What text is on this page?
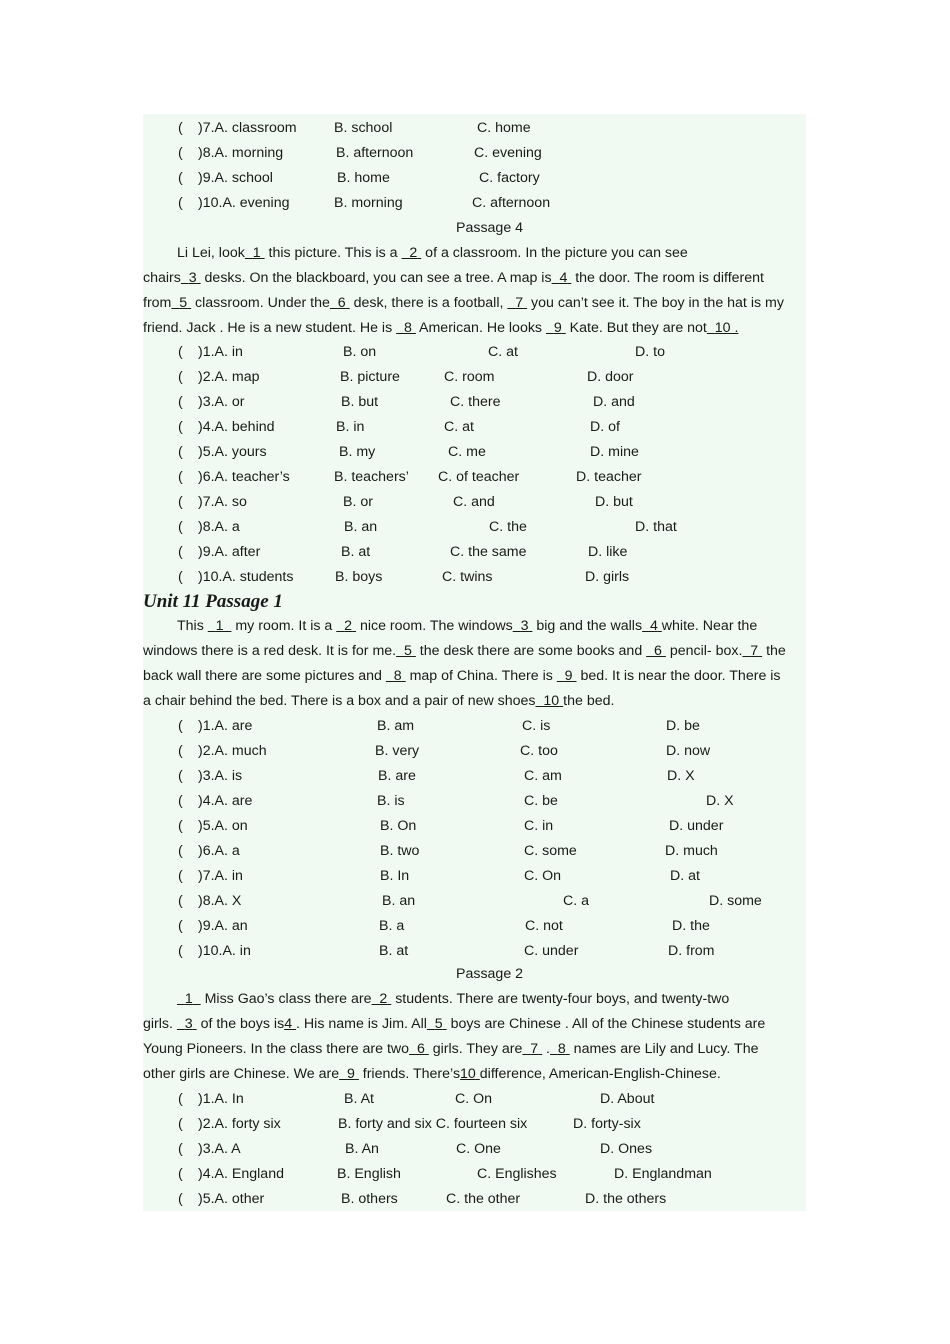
( )7.A. classroom	B. school	C. home
( )8.A. morning	B. afternoon	C. evening
( )9.A. school	B. home	C. factory
( )10.A. evening	B. morning	C. afternoon
Passage 4

Li Lei, look 1  this picture. This is a   2  of a classroom. In the picture you can see

chairs 3  desks. On the blackboard, you can see a tree. A map is 4  the door. The room is different

from 5  classroom. Under the 6  desk, there is a football,   7  you can’t see it. The boy in the hat is my

friend. Jack . He is a new student. He is   8  American. He looks   9  Kate. But they are not 10 .

( )1.A. in	B. on	C. at	D. to
( )2.A. map	B. picture	C. room	D. door
( )3.A. or	B. but	C. there	D. and
( )4.A. behind	B. in	C. at	D. of
( )5.A. yours	B. my	C. me	D. mine
( )6.A. teacher’s	B. teachers’ C. of teacher	D. teacher
( )7.A. so	B. or	C. and	D. but
( )8.A. a	B. an	C. the	D. that
( )9.A. after	B. at	C. the same	D. like
( )10.A. students	B. boys	C. twins	D. girls
Unit 11 Passage 1

This   1   my room. It is a   2  nice room. The windows 3  big and the walls 4 white. Near the

windows there is a red desk. It is for me. 5  the desk there are some books and   6  pencil- box. 7  the

back wall there are some pictures and   8  map of China. There is   9  bed. It is near the door. There is

a chair behind the bed. There is a box and a pair of new shoes 10 the bed.

( )1.A. are	B. am	C. is	D. be
( )2.A. much	B. very	C. too	D. now
( )3.A. is	B. are	C. am	D. X
( )4.A. are	B. is	C. be	D. X
( )5.A. on	B. On	C. in	D. under
( )6.A. a	B. two	C. some	D. much
( )7.A. in	B. In	C. On	D. at
( )8.A. X	B. an	C. a	D. some
( )9.A. an	B. a	C. not	D. the
( )10.A. in	B. at	C. under	D. from
Passage 2

1   Miss Gao’s class there are 2  students. There are twenty-four boys, and twenty-two

girls.   3  of the boys is4 . His name is Jim. All 5  boys are Chinese . All of the Chinese students are

Young Pioneers. In the class there are two 6  girls. They are 7  . 8  names are Lily and Lucy. The

other girls are Chinese. We are 9  friends. There’s10 difference, American-English-Chinese.

( )1.A. In	B. At	C. On	D. About
( )2.A. forty six	B. forty and six C. fourteen six	D. forty-six
( )3.A. A	B. An	C. One	D. Ones
( )4.A. England	B. English	C. Englishes	D. Englandman
( )5.A. other	B. others	C. the other	D. the others
